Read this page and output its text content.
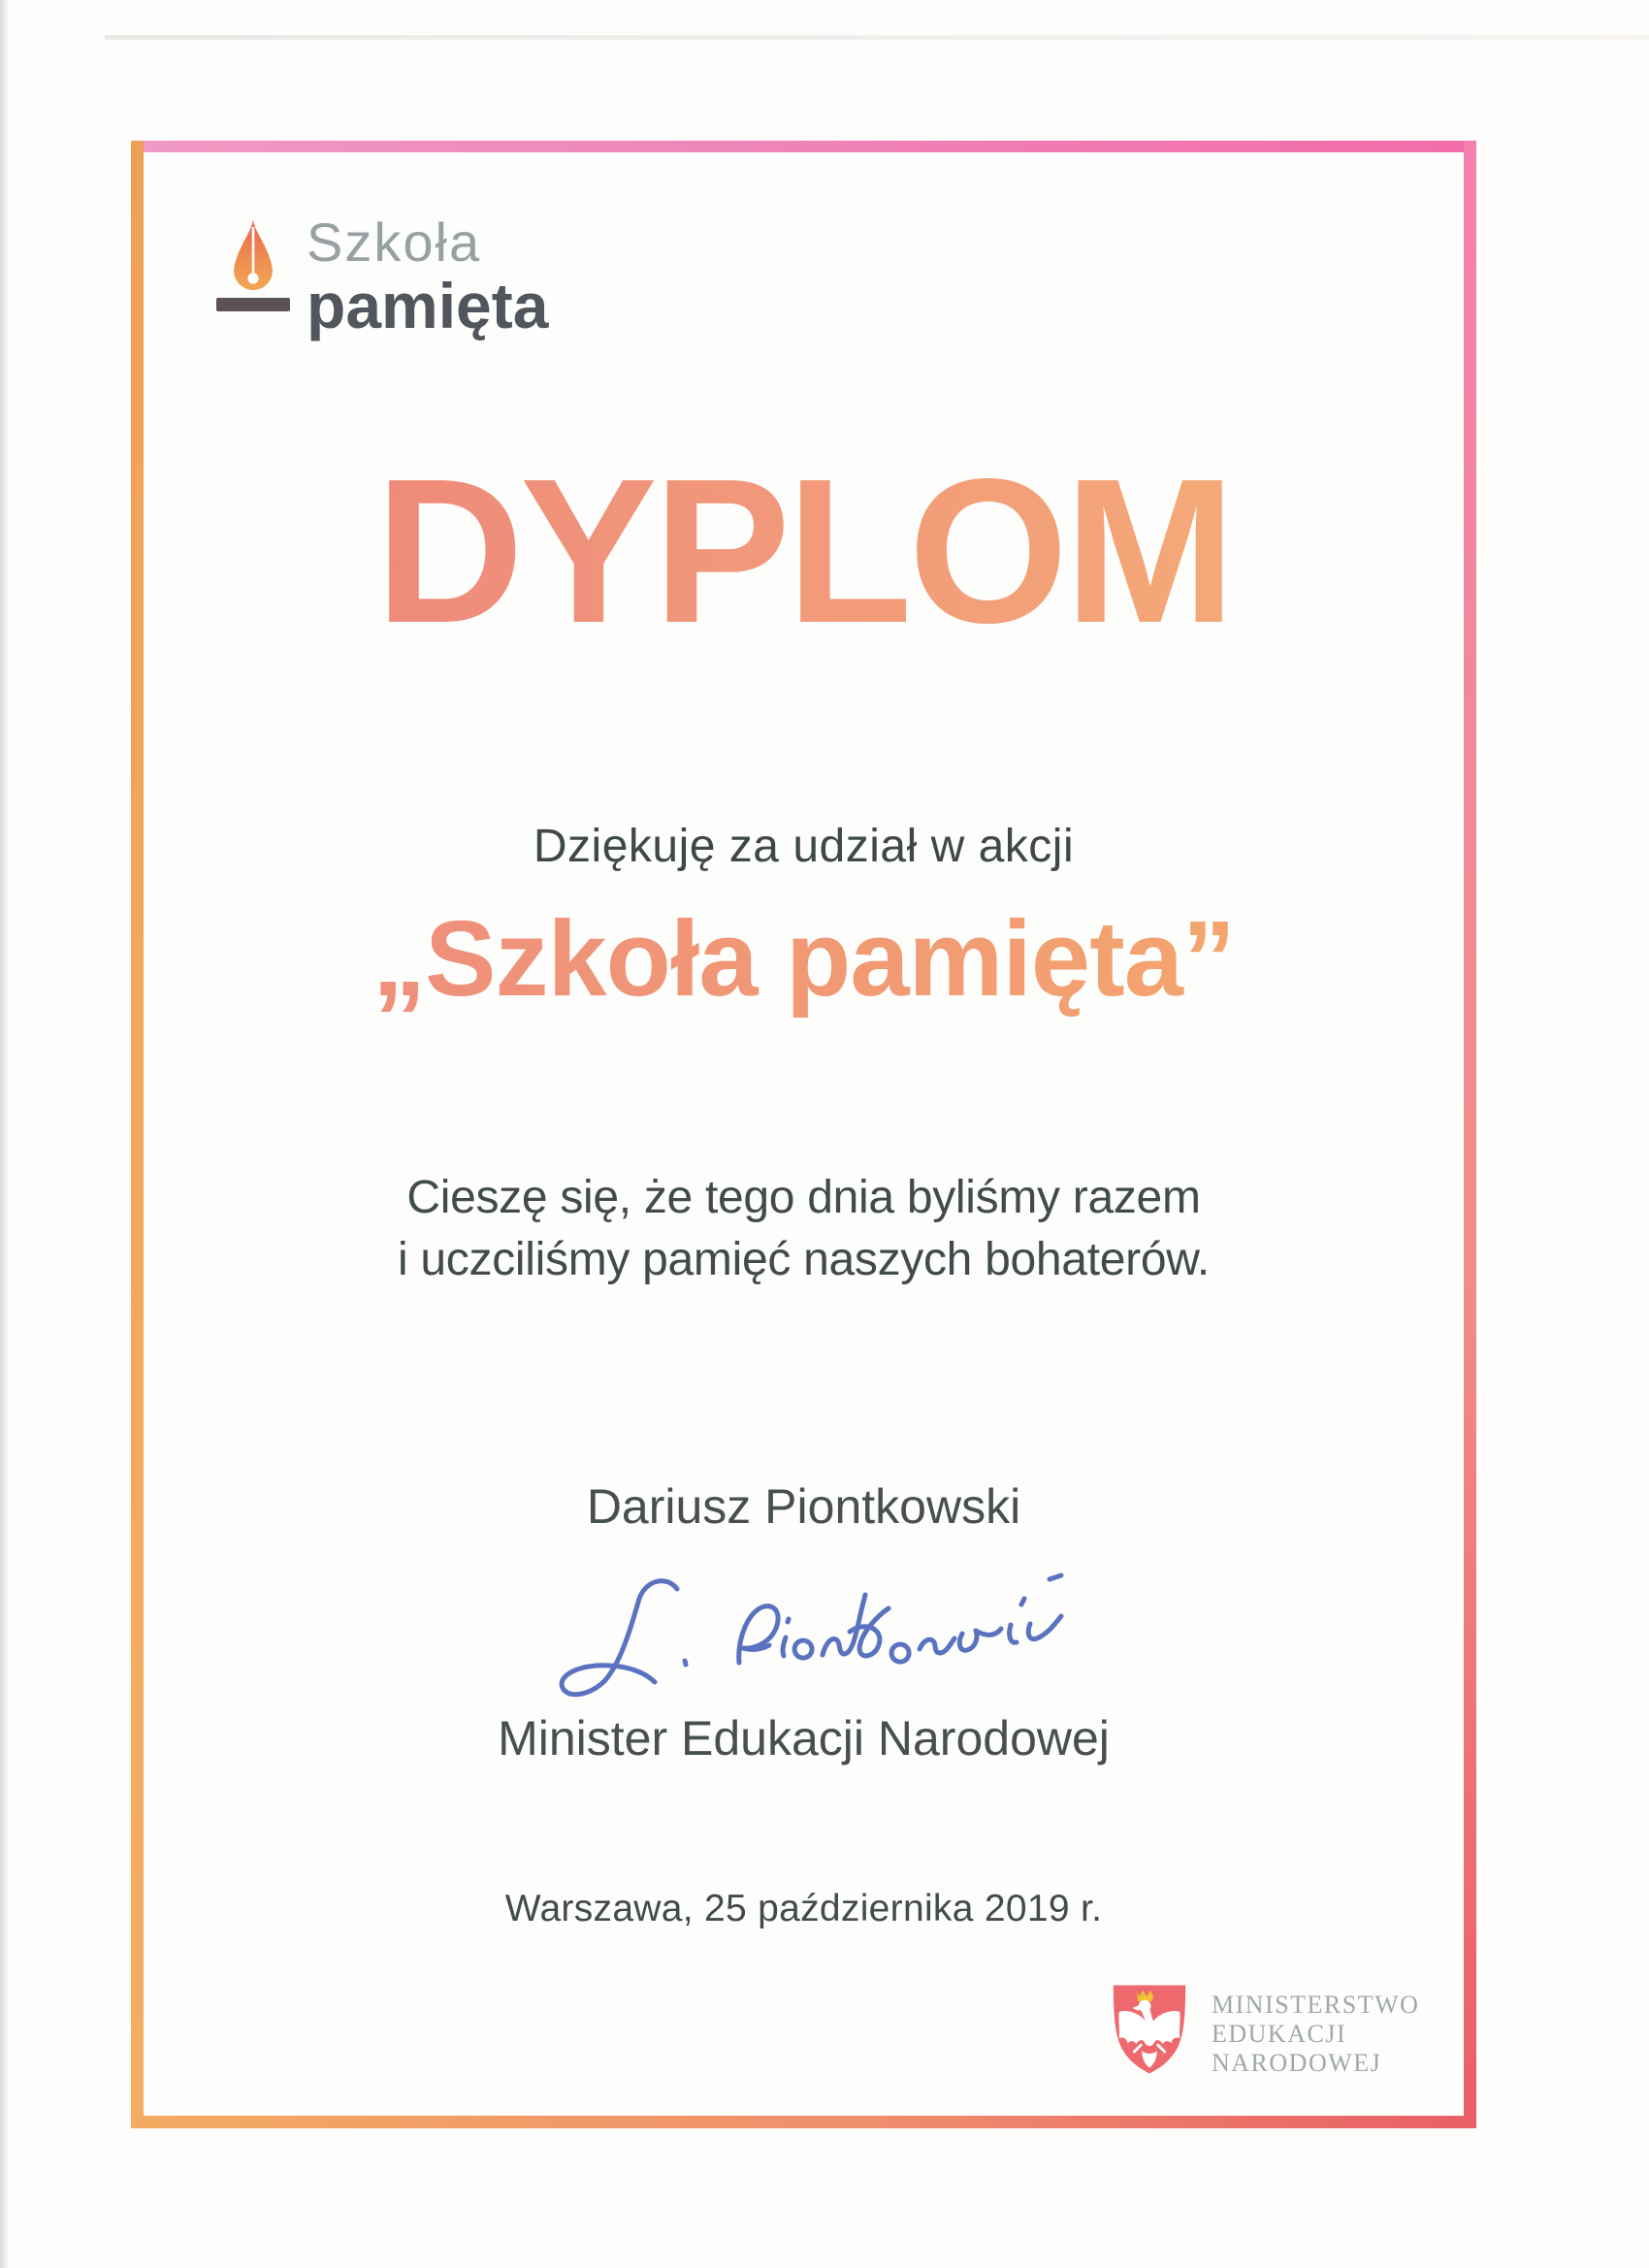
Szkoła
pamięta
DYPLOM
Dziękuję za udział w akcji
„Szkoła pamięta”
Cieszę się, że tego dnia byliśmy razem
i uczciliśmy pamięć naszych bohaterów.
Dariusz Piontkowski
Minister Edukacji Narodowej
Warszawa, 25 października 2019 r.
MINISTERSTWO
EDUKACJI
NARODOWEJ
